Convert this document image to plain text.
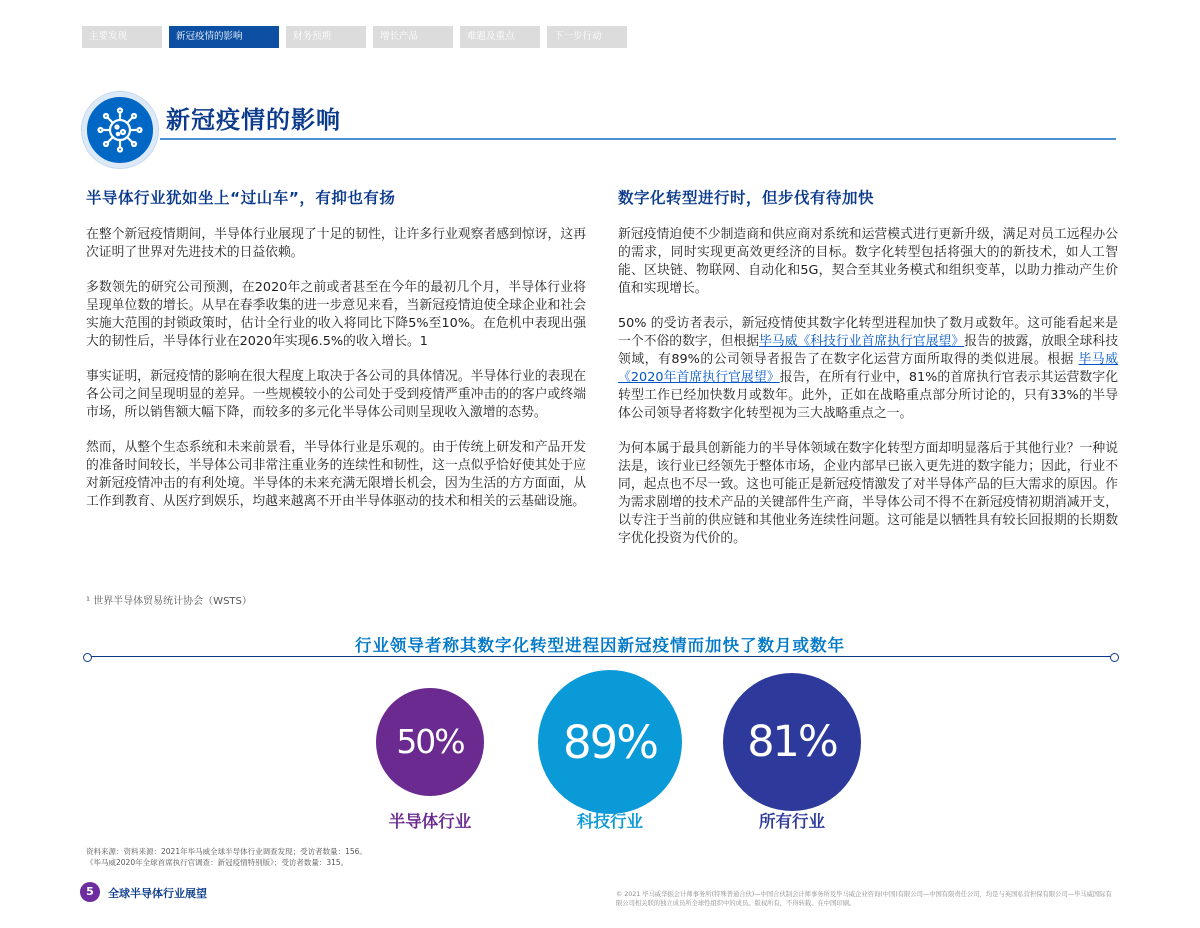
主要发现	新冠疫情的影响	财务预期	增长产品	难题及重点	下一步行动
新冠疫情的影响
半导体行业犹如坐上“过山车”，有抑也有扬

在整个新冠疫情期间，半导体行业展现了十足的韧性，让许多行业观察者感到惊讶，这再次证明了世界对先进技术的日益依赖。

多数领先的研究公司预测，在2020年之前或者甚至在今年的最初几个月，半导体行业将呈现单位数的增长。从早在春季收集的进一步意见来看，当新冠疫情迫使全球企业和社会实施大范围的封锁政策时，估计全行业的收入将同比下降5%至10%。在危机中表现出强大的韧性后，半导体行业在2020年实现6.5%的收入增长。1

事实证明，新冠疫情的影响在很大程度上取决于各公司的具体情况。半导体行业的表现在各公司之间呈现明显的差异。一些规模较小的公司处于受到疫情严重冲击的的客户或终端市场，所以销售额大幅下降，而较多的多元化半导体公司则呈现收入激增的态势。

然而，从整个生态系统和未来前景看，半导体行业是乐观的。由于传统上研发和产品开发的准备时间较长，半导体公司非常注重业务的连续性和韧性，这一点似乎恰好使其处于应对新冠疫情冲击的有利处境。半导体的未来充满无限增长机会，因为生活的方方面面，从工作到教育、从医疗到娱乐，均越来越离不开由半导体驱动的技术和相关的云基础设施。

¹ 世界半导体贸易统计协会（WSTS）
数字化转型进行时，但步伐有待加快

新冠疫情迫使不少制造商和供应商对系统和运营模式进行更新升级，满足对员工远程办公的需求，同时实现更高效更经济的目标。数字化转型包括将强大的的新技术，如人工智能、区块链、物联网、自动化和5G，契合至其业务模式和组织变革，以助力推动产生价值和实现增长。

50% 的受访者表示，新冠疫情使其数字化转型进程加快了数月或数年。这可能看起来是一个不俗的数字，但根据毕马威《科技行业首席执行官展望》报告的披露，放眼全球科技领域，有89%的公司领导者报告了在数字化运营方面所取得的类似进展。根据 毕马威《2020年首席执行官展望》报告，在所有行业中，81%的首席执行官表示其运营数字化转型工作已经加快数月或数年。此外，正如在战略重点部分所讨论的，只有33%的半导体公司领导者将数字化转型视为三大战略重点之一。

为何本属于最具创新能力的半导体领域在数字化转型方面却明显落后于其他行业？一种说法是，该行业已经领先于整体市场，企业内部早已嵌入更先进的数字能力；因此，行业不同，起点也不尽一致。这也可能正是新冠疫情激发了对半导体产品的巨大需求的原因。作为需求剧增的技术产品的关键部件生产商，半导体公司不得不在新冠疫情初期消减开支，以专注于当前的供应链和其他业务连续性问题。这可能是以牺牲具有较长回报期的长期数字优化投资为代价的。

行业领导者称其数字化转型进程因新冠疫情而加快了数月或数年
50% 89% 81%
半导体行业	科技行业	所有行业
资料来源：资料来源：2021年毕马威全球半导体行业调查发现；受访者数量：156。
《毕马威2020年全球首席执行官调查：新冠疫情特别版》；受访者数量：315。
5	全球半导体行业展望	© 2021 毕马威华振会计师事务所(特殊普通合伙)—中国合伙制会计师事务所及毕马威企业咨询(中国)有限公司—中国有限责任公司，均是与英国私营担保有限公司—毕马威国际有限公司相关联的独立成员所全球性组织中的成员。版权所有，不得转载。在中国印刷。
